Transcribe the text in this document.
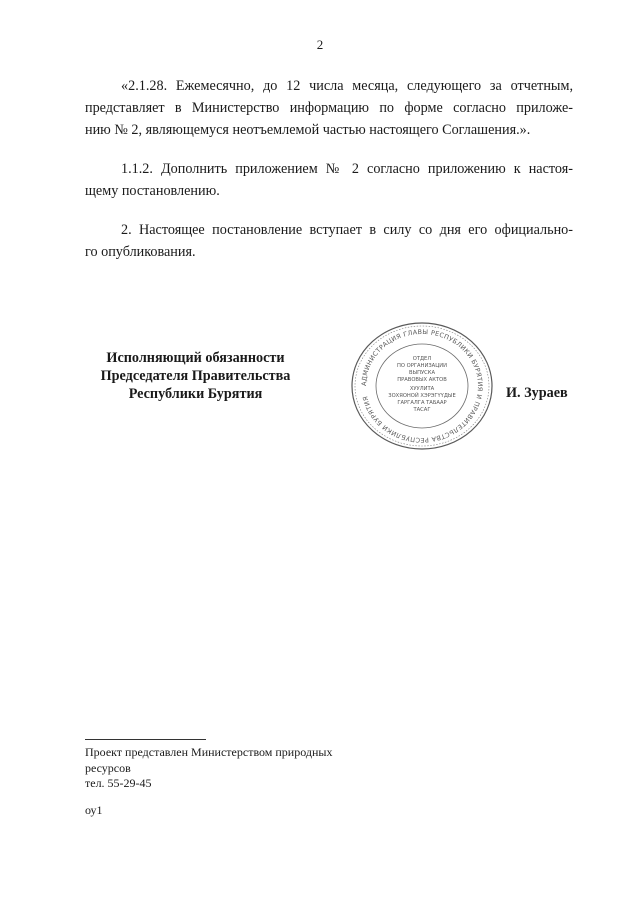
2
«2.1.28. Ежемесячно, до 12 числа месяца, следующего за отчетным,
представляет в Министерство информацию по форме согласно приложе-
нию № 2, являющемуся неотъемлемой частью настоящего Соглашения.».
1.1.2. Дополнить приложением № 2 согласно приложению к настоя-
щему постановлению.
2. Настоящее постановление вступает в силу со дня его официально-
го опубликования.
Исполняющий обязанности
Председателя Правительства
Республики Бурятия
АДМИНИСТРАЦИЯ ГЛАВЫ РЕСПУБЛИКИ БУРЯТИЯ И ПРАВИТЕЛЬСТВА РЕСПУБЛИКИ БУРЯТИЯ
ОТДЕЛ
ПО ОРГАНИЗАЦИИ
ВЫПУСКА
ПРАВОВЫХ АКТОВ
ХУУЛИТА
ЗОХЯОНОЙ ХЭРЭГҮҮДЫЕ
ГАРГАЛГА ТАБААР
ТАСАГ
И. Зураев
Проект представлен Министерством природных
ресурсов
тел. 55-29-45
оу1
